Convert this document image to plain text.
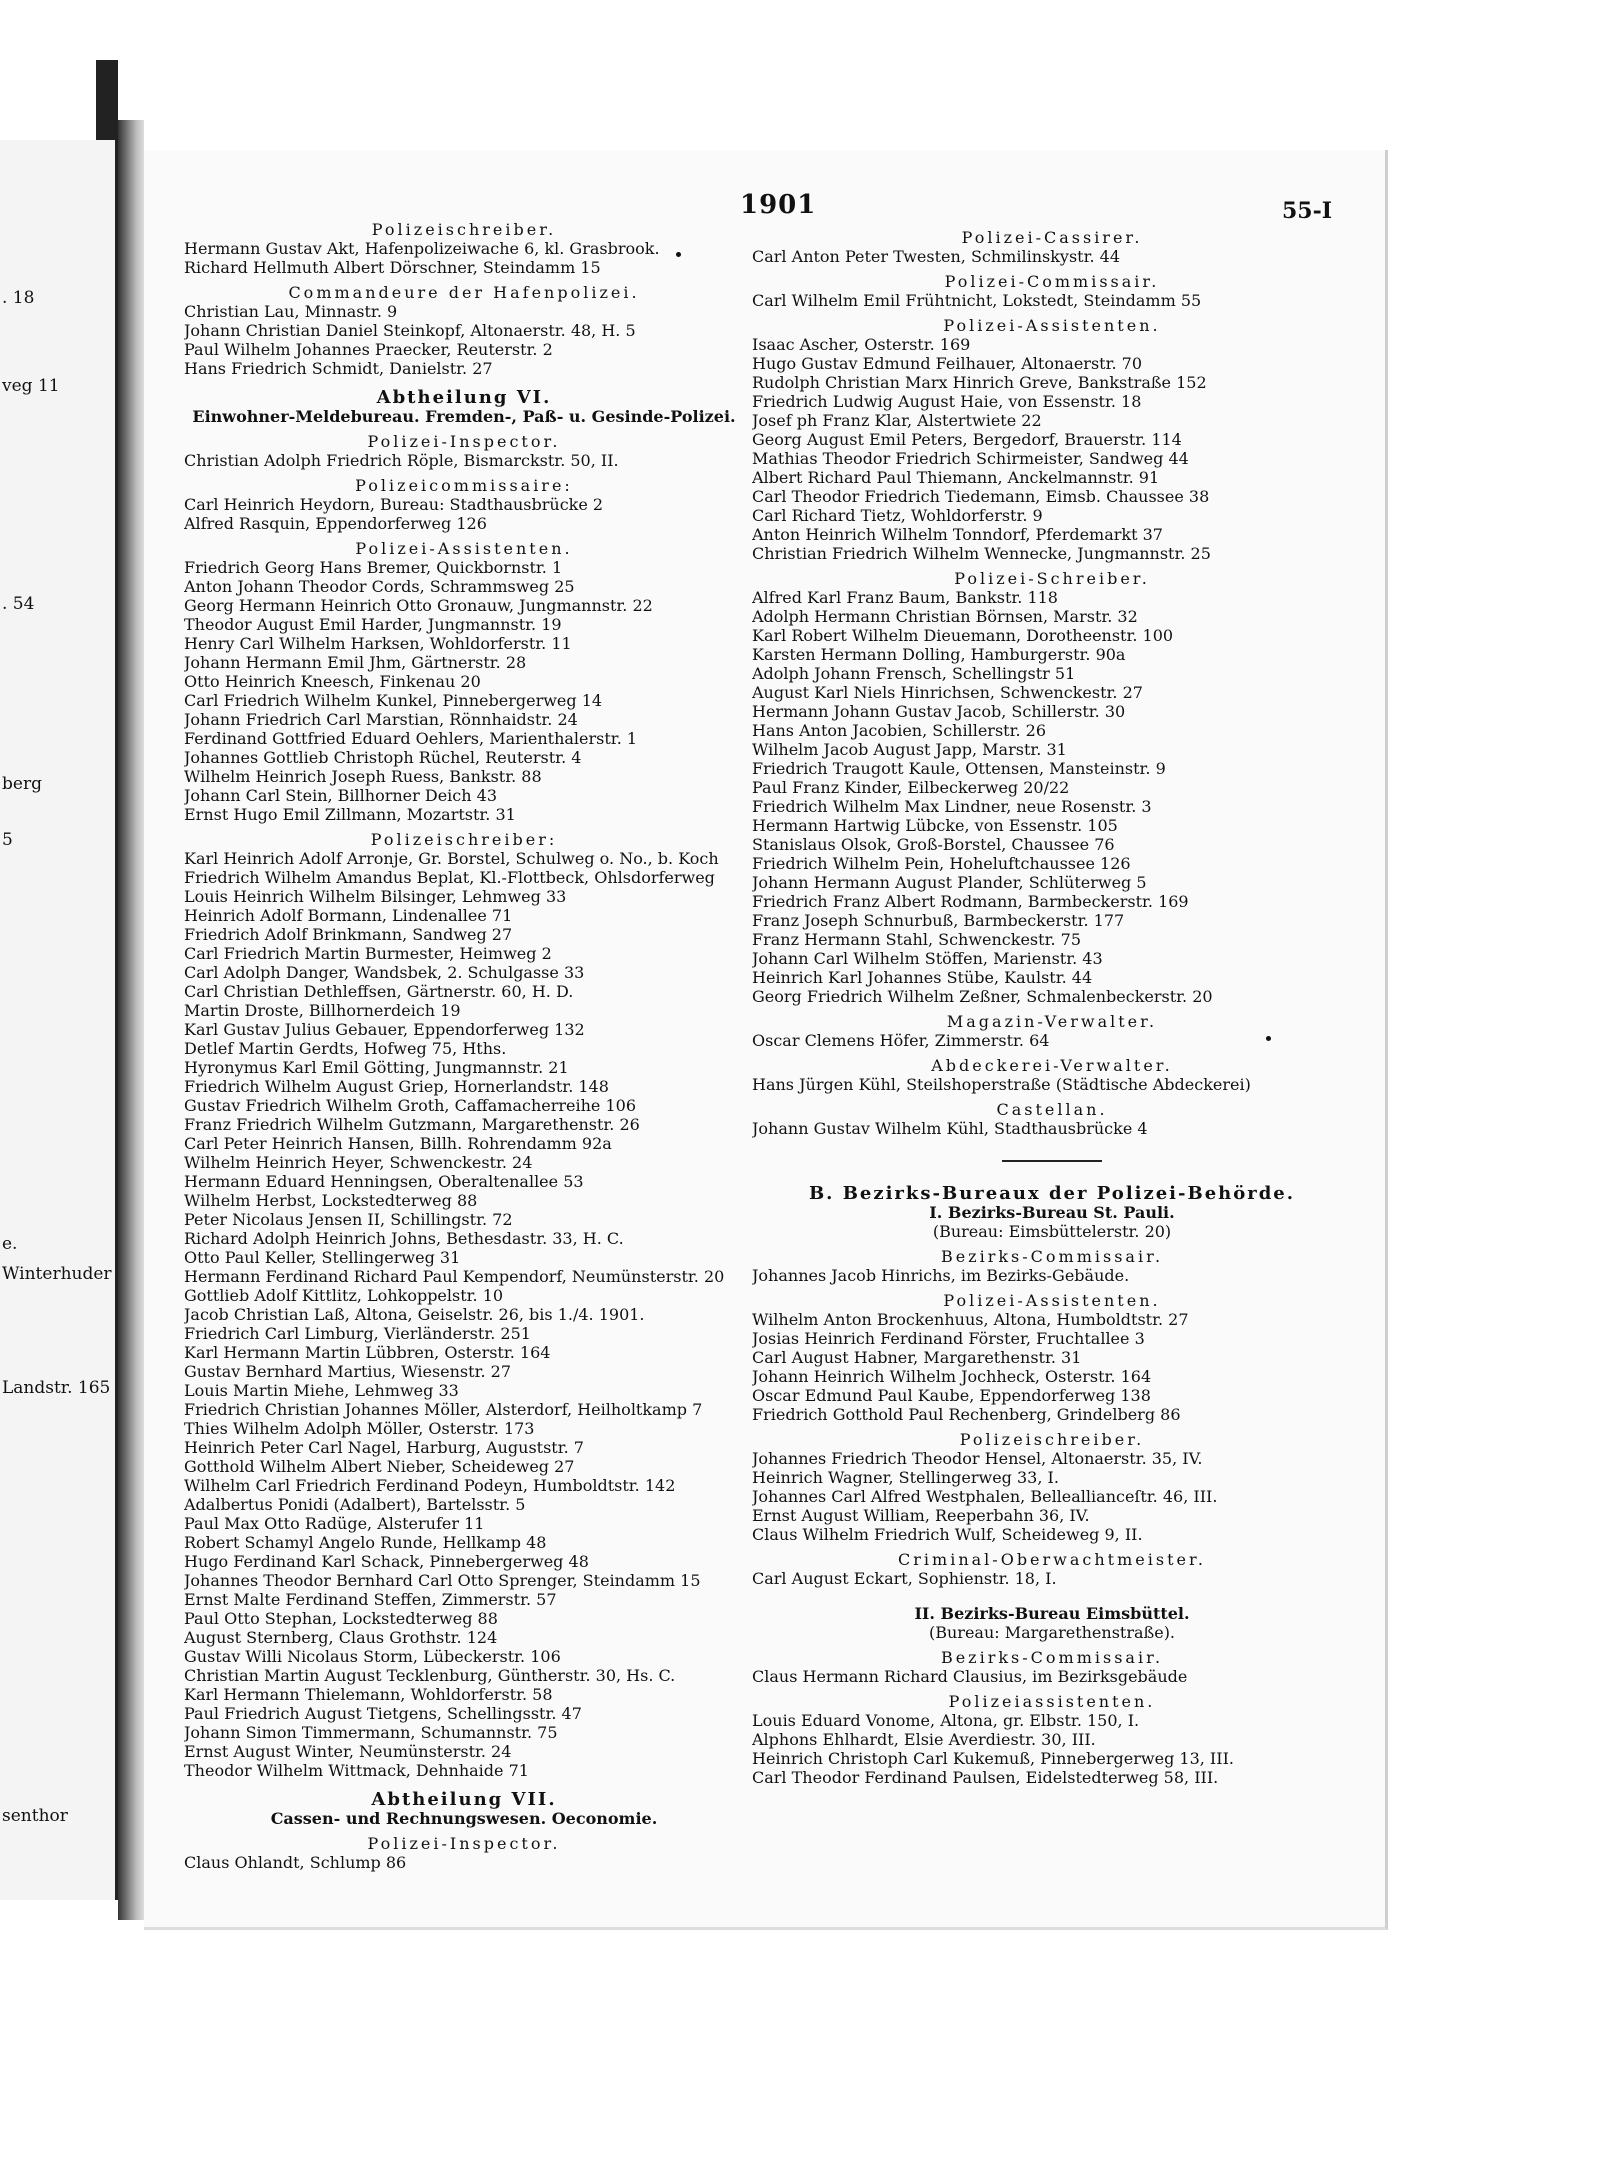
. 18
veg 11
. 54
berg
5
e.
Winterhuder
Landstr. 165
senthor
1901	55-I
Polizeischreiber.
Hermann Gustav Akt, Hafenpolizeiwache 6, kl. Grasbrook.
Richard Hellmuth Albert Dörschner, Steindamm 15
Commandeure der Hafenpolizei.
Christian Lau, Minnastr. 9
Johann Christian Daniel Steinkopf, Altonaerstr. 48, H. 5
Paul Wilhelm Johannes Praecker, Reuterstr. 2
Hans Friedrich Schmidt, Danielstr. 27
Abtheilung VI.
Einwohner-Meldebureau. Fremden-, Paß- u. Gesinde-Polizei.
Polizei-Inspector.
Christian Adolph Friedrich Röple, Bismarckstr. 50, II.
Polizeicommissaire:
Carl Heinrich Heydorn, Bureau: Stadthausbrücke 2
Alfred Rasquin, Eppendorferweg 126
Polizei-Assistenten.
Friedrich Georg Hans Bremer, Quickbornstr. 1
Anton Johann Theodor Cords, Schrammsweg 25
Georg Hermann Heinrich Otto Gronauw, Jungmannstr. 22
Theodor August Emil Harder, Jungmannstr. 19
Henry Carl Wilhelm Harksen, Wohldorferstr. 11
Johann Hermann Emil Jhm, Gärtnerstr. 28
Otto Heinrich Kneesch, Finkenau 20
Carl Friedrich Wilhelm Kunkel, Pinnebergerweg 14
Johann Friedrich Carl Marstian, Rönnhaidstr. 24
Ferdinand Gottfried Eduard Oehlers, Marienthalerstr. 1
Johannes Gottlieb Christoph Rüchel, Reuterstr. 4
Wilhelm Heinrich Joseph Ruess, Bankstr. 88
Johann Carl Stein, Billhorner Deich 43
Ernst Hugo Emil Zillmann, Mozartstr. 31
Polizeischreiber:
Karl Heinrich Adolf Arronje, Gr. Borstel, Schulweg o. No., b. Koch
Friedrich Wilhelm Amandus Beplat, Kl.-Flottbeck, Ohlsdorferweg
Louis Heinrich Wilhelm Bilsinger, Lehmweg 33
Heinrich Adolf Bormann, Lindenallee 71
Friedrich Adolf Brinkmann, Sandweg 27
Carl Friedrich Martin Burmester, Heimweg 2
Carl Adolph Danger, Wandsbek, 2. Schulgasse 33
Carl Christian Dethleffsen, Gärtnerstr. 60, H. D.
Martin Droste, Billhornerdeich 19
Karl Gustav Julius Gebauer, Eppendorferweg 132
Detlef Martin Gerdts, Hofweg 75, Hths.
Hyronymus Karl Emil Götting, Jungmannstr. 21
Friedrich Wilhelm August Griep, Hornerlandstr. 148
Gustav Friedrich Wilhelm Groth, Caffamacherreihe 106
Franz Friedrich Wilhelm Gutzmann, Margarethenstr. 26
Carl Peter Heinrich Hansen, Billh. Rohrendamm 92a
Wilhelm Heinrich Heyer, Schwenckestr. 24
Hermann Eduard Henningsen, Oberaltenallee 53
Wilhelm Herbst, Lockstedterweg 88
Peter Nicolaus Jensen II, Schillingstr. 72
Richard Adolph Heinrich Johns, Bethesdastr. 33, H. C.
Otto Paul Keller, Stellingerweg 31
Hermann Ferdinand Richard Paul Kempendorf, Neumünsterstr. 20
Gottlieb Adolf Kittlitz, Lohkoppelstr. 10
Jacob Christian Laß, Altona, Geiselstr. 26, bis 1./4. 1901.
Friedrich Carl Limburg, Vierländerstr. 251
Karl Hermann Martin Lübbren, Osterstr. 164
Gustav Bernhard Martius, Wiesenstr. 27
Louis Martin Miehe, Lehmweg 33
Friedrich Christian Johannes Möller, Alsterdorf, Heilholtkamp 7
Thies Wilhelm Adolph Möller, Osterstr. 173
Heinrich Peter Carl Nagel, Harburg, Auguststr. 7
Gotthold Wilhelm Albert Nieber, Scheideweg 27
Wilhelm Carl Friedrich Ferdinand Podeyn, Humboldtstr. 142
Adalbertus Ponidi (Adalbert), Bartelsstr. 5
Paul Max Otto Radüge, Alsterufer 11
Robert Schamyl Angelo Runde, Hellkamp 48
Hugo Ferdinand Karl Schack, Pinnebergerweg 48
Johannes Theodor Bernhard Carl Otto Sprenger, Steindamm 15
Ernst Malte Ferdinand Steffen, Zimmerstr. 57
Paul Otto Stephan, Lockstedterweg 88
August Sternberg, Claus Grothstr. 124
Gustav Willi Nicolaus Storm, Lübeckerstr. 106
Christian Martin August Tecklenburg, Güntherstr. 30, Hs. C.
Karl Hermann Thielemann, Wohldorferstr. 58
Paul Friedrich August Tietgens, Schellingsstr. 47
Johann Simon Timmermann, Schumannstr. 75
Ernst August Winter, Neumünsterstr. 24
Theodor Wilhelm Wittmack, Dehnhaide 71
Abtheilung VII.
Cassen- und Rechnungswesen. Oeconomie.
Polizei-Inspector.
Claus Ohlandt, Schlump 86
Polizei-Cassirer.
Carl Anton Peter Twesten, Schmilinskystr. 44
Polizei-Commissair.
Carl Wilhelm Emil Frühtnicht, Lokstedt, Steindamm 55
Polizei-Assistenten.
Isaac Ascher, Osterstr. 169
Hugo Gustav Edmund Feilhauer, Altonaerstr. 70
Rudolph Christian Marx Hinrich Greve, Bankstraße 152
Friedrich Ludwig August Haie, von Essenstr. 18
Josef ph Franz Klar, Alstertwiete 22
Georg August Emil Peters, Bergedorf, Brauerstr. 114
Mathias Theodor Friedrich Schirmeister, Sandweg 44
Albert Richard Paul Thiemann, Anckelmannstr. 91
Carl Theodor Friedrich Tiedemann, Eimsb. Chaussee 38
Carl Richard Tietz, Wohldorferstr. 9
Anton Heinrich Wilhelm Tonndorf, Pferdemarkt 37
Christian Friedrich Wilhelm Wennecke, Jungmannstr. 25
Polizei-Schreiber.
Alfred Karl Franz Baum, Bankstr. 118
Adolph Hermann Christian Börnsen, Marstr. 32
Karl Robert Wilhelm Dieuemann, Dorotheenstr. 100
Karsten Hermann Dolling, Hamburgerstr. 90a
Adolph Johann Frensch, Schellingstr 51
August Karl Niels Hinrichsen, Schwenckestr. 27
Hermann Johann Gustav Jacob, Schillerstr. 30
Hans Anton Jacobien, Schillerstr. 26
Wilhelm Jacob August Japp, Marstr. 31
Friedrich Traugott Kaule, Ottensen, Mansteinstr. 9
Paul Franz Kinder, Eilbeckerweg 20/22
Friedrich Wilhelm Max Lindner, neue Rosenstr. 3
Hermann Hartwig Lübcke, von Essenstr. 105
Stanislaus Olsok, Groß-Borstel, Chaussee 76
Friedrich Wilhelm Pein, Hoheluftchaussee 126
Johann Hermann August Plander, Schlüterweg 5
Friedrich Franz Albert Rodmann, Barmbeckerstr. 169
Franz Joseph Schnurbuß, Barmbeckerstr. 177
Franz Hermann Stahl, Schwenckestr. 75
Johann Carl Wilhelm Stöffen, Marienstr. 43
Heinrich Karl Johannes Stübe, Kaulstr. 44
Georg Friedrich Wilhelm Zeßner, Schmalenbeckerstr. 20
Magazin-Verwalter.
Oscar Clemens Höfer, Zimmerstr. 64
Abdeckerei-Verwalter.
Hans Jürgen Kühl, Steilshoperstraße (Städtische Abdeckerei)
Castellan.
Johann Gustav Wilhelm Kühl, Stadthausbrücke 4
B. Bezirks-Bureaux der Polizei-Behörde.
I. Bezirks-Bureau St. Pauli.
(Bureau: Eimsbüttelerstr. 20)
Bezirks-Commissair.
Johannes Jacob Hinrichs, im Bezirks-Gebäude.
Polizei-Assistenten.
Wilhelm Anton Brockenhuus, Altona, Humboldtstr. 27
Josias Heinrich Ferdinand Förster, Fruchtallee 3
Carl August Habner, Margarethenstr. 31
Johann Heinrich Wilhelm Jochheck, Osterstr. 164
Oscar Edmund Paul Kaube, Eppendorferweg 138
Friedrich Gotthold Paul Rechenberg, Grindelberg 86
Polizeischreiber.
Johannes Friedrich Theodor Hensel, Altonaerstr. 35, IV.
Heinrich Wagner, Stellingerweg 33, I.
Johannes Carl Alfred Westphalen, Belleallianceſtr. 46, III.
Ernst August William, Reeperbahn 36, IV.
Claus Wilhelm Friedrich Wulf, Scheideweg 9, II.
Criminal-Oberwachtmeister.
Carl August Eckart, Sophienstr. 18, I.
II. Bezirks-Bureau Eimsbüttel.
(Bureau: Margarethenstraße).
Bezirks-Commissair.
Claus Hermann Richard Clausius, im Bezirksgebäude
Polizeiassistenten.
Louis Eduard Vonome, Altona, gr. Elbstr. 150, I.
Alphons Ehlhardt, Elsie Averdiestr. 30, III.
Heinrich Christoph Carl Kukemuß, Pinnebergerweg 13, III.
Carl Theodor Ferdinand Paulsen, Eidelstedterweg 58, III.
